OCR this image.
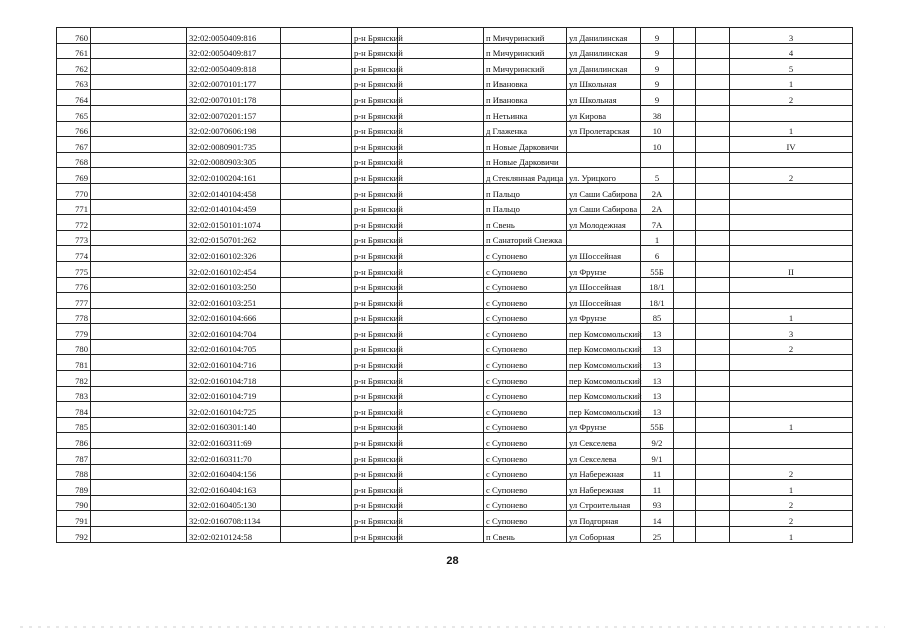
760		32:02:0050409:816		р-н Брянский		п Мичуринский	ул Данилинская	9			3
761		32:02:0050409:817		р-н Брянский		п Мичуринский	ул Данилинская	9			4
762		32:02:0050409:818		р-н Брянский		п Мичуринский	ул Данилинская	9			5
763		32:02:0070101:177		р-н Брянский		п Ивановка	ул Школьная	9			1
764		32:02:0070101:178		р-н Брянский		п Ивановка	ул Школьная	9			2
765		32:02:0070201:157		р-н Брянский		п Нетьинка	ул Кирова	38			
766		32:02:0070606:198		р-н Брянский		д Глаженка	ул Пролетарская	10			1
767		32:02:0080901:735		р-н Брянский		п Новые Дарковичи		10			IV
768		32:02:0080903:305		р-н Брянский		п Новые Дарковичи					
769		32:02:0100204:161		р-н Брянский		д Стеклянная Радица	ул. Урицкого	5			2
770		32:02:0140104:458		р-н Брянский		п Пальцо	ул Саши Сабирова	2А			
771		32:02:0140104:459		р-н Брянский		п Пальцо	ул Саши Сабирова	2А			
772		32:02:0150101:1074		р-н Брянский		п Свень	ул Молодежная	7А			
773		32:02:0150701:262		р-н Брянский		п Санаторий Снежка		1			
774		32:02:0160102:326		р-н Брянский		с Супонево	ул Шоссейная	6			
775		32:02:0160102:454		р-н Брянский		с Супонево	ул Фрунзе	55Б			II
776		32:02:0160103:250		р-н Брянский		с Супонево	ул Шоссейная	18/1			
777		32:02:0160103:251		р-н Брянский		с Супонево	ул Шоссейная	18/1			
778		32:02:0160104:666		р-н Брянский		с Супонево	ул Фрунзе	85			1
779		32:02:0160104:704		р-н Брянский		с Супонево	пер Комсомольский	13			3
780		32:02:0160104:705		р-н Брянский		с Супонево	пер Комсомольский	13			2
781		32:02:0160104:716		р-н Брянский		с Супонево	пер Комсомольский	13			
782		32:02:0160104:718		р-н Брянский		с Супонево	пер Комсомольский	13			
783		32:02:0160104:719		р-н Брянский		с Супонево	пер Комсомольский	13			
784		32:02:0160104:725		р-н Брянский		с Супонево	пер Комсомольский	13			
785		32:02:0160301:140		р-н Брянский		с Супонево	ул Фрунзе	55Б			1
786		32:02:0160311:69		р-н Брянский		с Супонево	ул Секселева	9/2			
787		32:02:0160311:70		р-н Брянский		с Супонево	ул Секселева	9/1			
788		32:02:0160404:156		р-н Брянский		с Супонево	ул Набережная	11			2
789		32:02:0160404:163		р-н Брянский		с Супонево	ул Набережная	11			1
790		32:02:0160405:130		р-н Брянский		с Супонево	ул Строительная	93			2
791		32:02:0160708:1134		р-н Брянский		с Супонево	ул Подгорная	14			2
792		32:02:0210124:58		р-н Брянский		п Свень	ул Соборная	25			1
28
